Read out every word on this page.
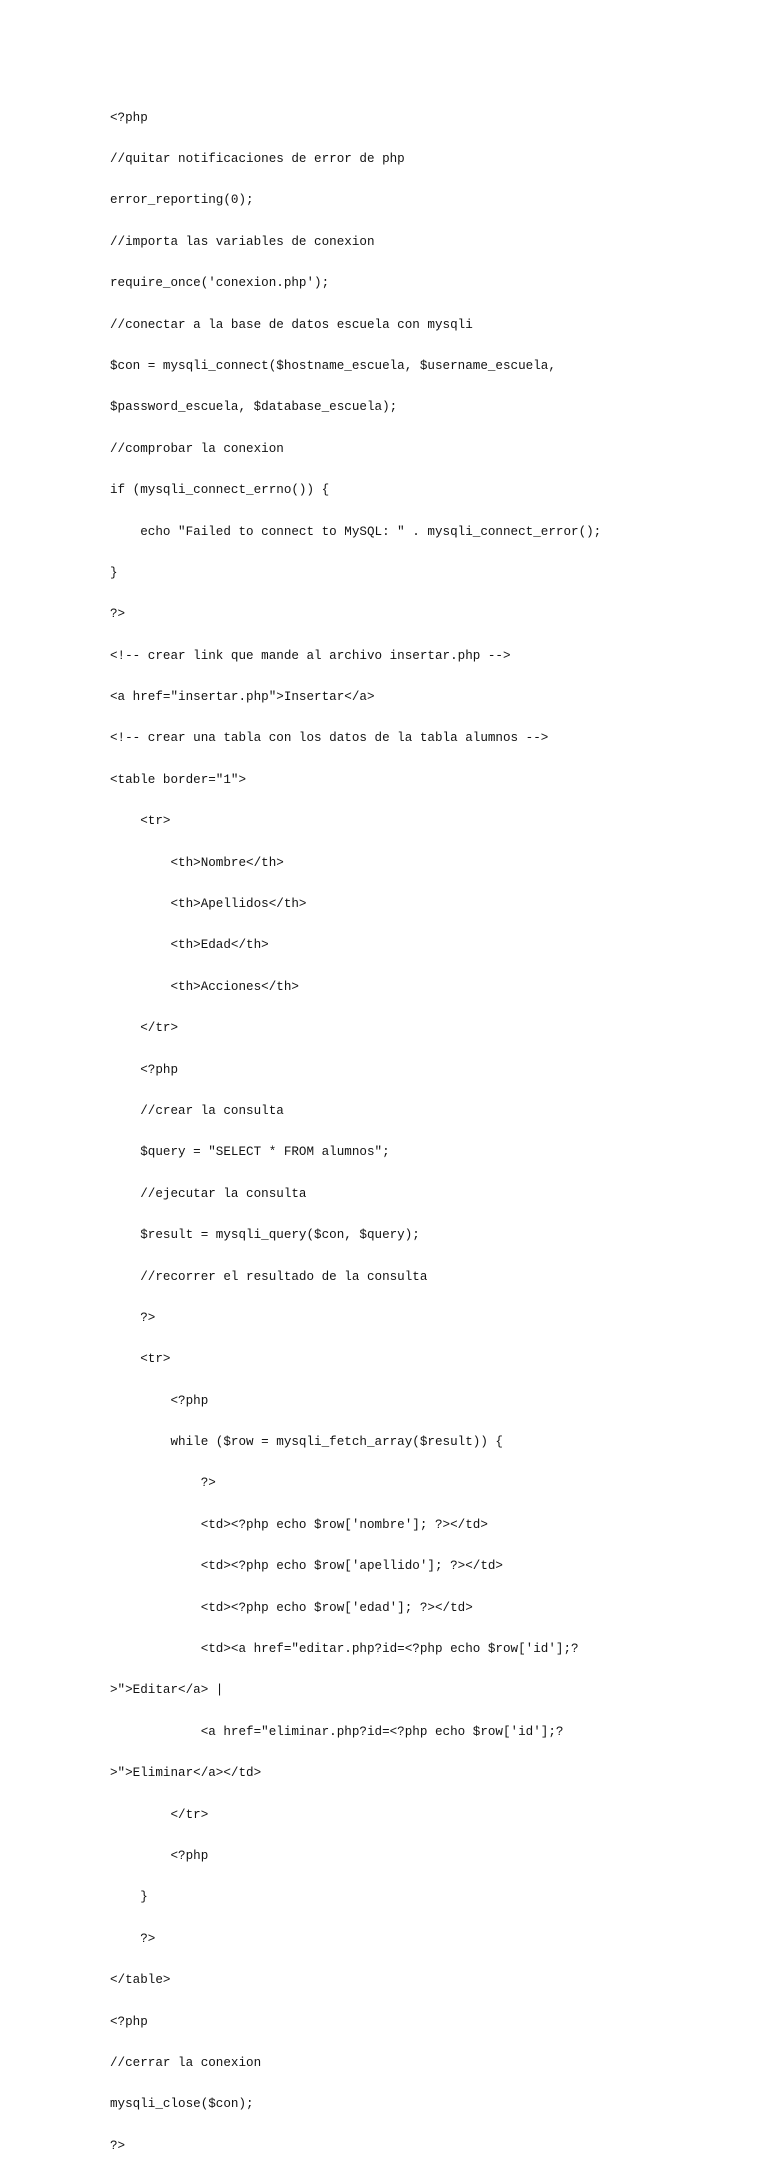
<?php

//quitar notificaciones de error de php

error_reporting(0);

//importa las variables de conexion

require_once('conexion.php');

//conectar a la base de datos escuela con mysqli

$con = mysqli_connect($hostname_escuela, $username_escuela,

$password_escuela, $database_escuela);

//comprobar la conexion

if (mysqli_connect_errno()) {

echo "Failed to connect to MySQL: " . mysqli_connect_error();

}

?>

<!-- crear link que mande al archivo insertar.php -->

<a href="insertar.php">Insertar</a>

<!-- crear una tabla con los datos de la tabla alumnos -->

<table border="1">

<tr>

<th>Nombre</th>

<th>Apellidos</th>

<th>Edad</th>

<th>Acciones</th>

</tr>

<?php

//crear la consulta

$query = "SELECT * FROM alumnos";

//ejecutar la consulta

$result = mysqli_query($con, $query);

//recorrer el resultado de la consulta

?>

<tr>

<?php

while ($row = mysqli_fetch_array($result)) {

?>

<td><?php echo $row['nombre']; ?></td>

<td><?php echo $row['apellido']; ?></td>

<td><?php echo $row['edad']; ?></td>

<td><a href="editar.php?id=<?php echo $row['id'];?

>">Editar</a> |

<a href="eliminar.php?id=<?php echo $row['id'];?

>">Eliminar</a></td>

</tr>

<?php

}

?>

</table>

<?php

//cerrar la conexion

mysqli_close($con);

?>
